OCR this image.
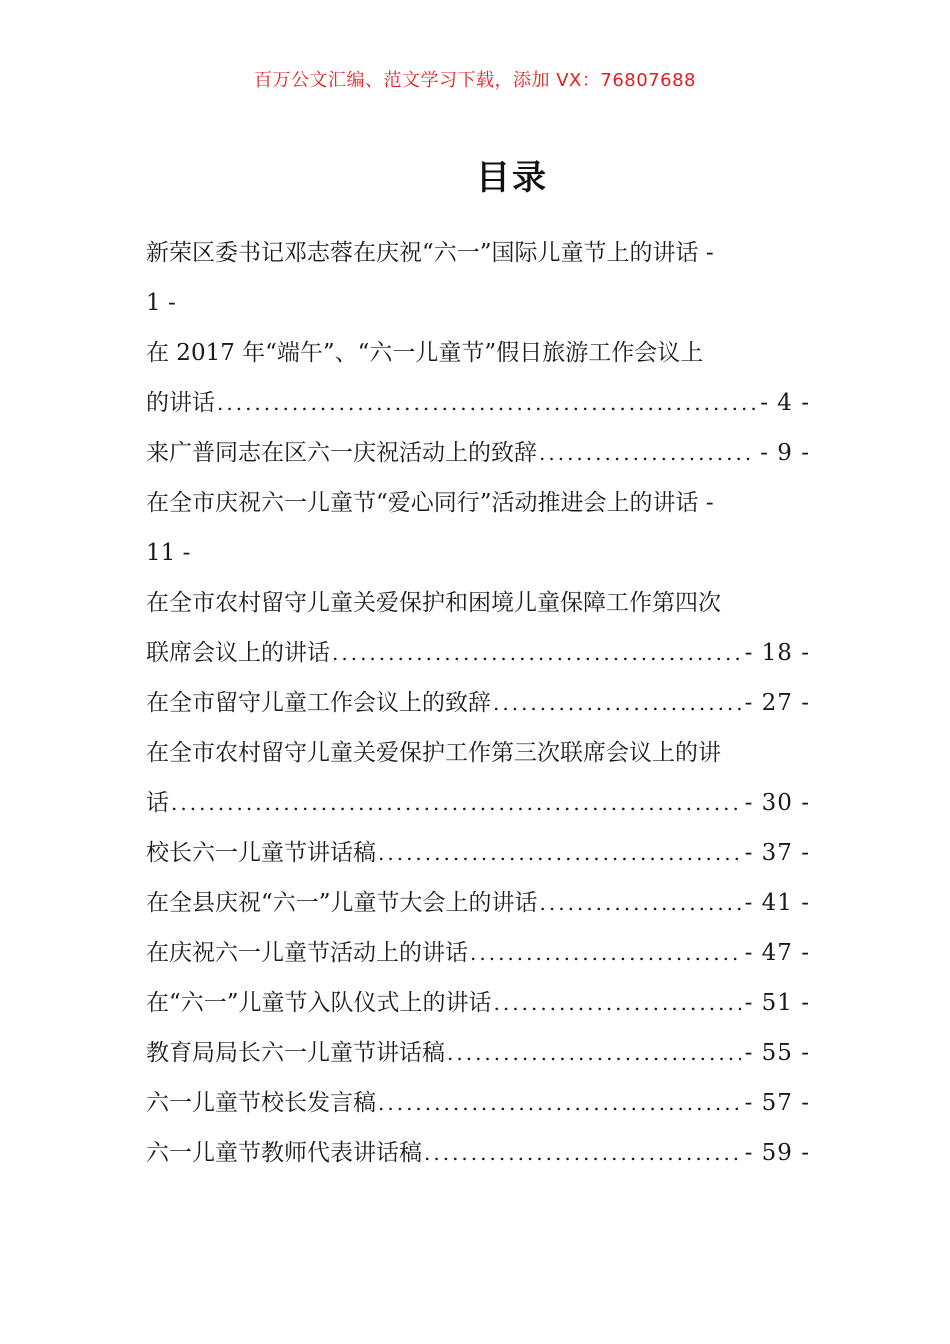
百万公文汇编、范文学习下载，添加 VX：76807688
目录
新荣区委书记邓志蓉在庆祝“六一”国际儿童节上的讲话 -
1 -
在 2017 年“端午”、“六一儿童节”假日旅游工作会议上
的讲话 .....	- 4 -
来广普同志在区六一庆祝活动上的致辞 .....	- 9 -
在全市庆祝六一儿童节“爱心同行”活动推进会上的讲话 -
11 -
在全市农村留守儿童关爱保护和困境儿童保障工作第四次
联席会议上的讲话 .....	- 18 -
在全市留守儿童工作会议上的致辞 .....	- 27 -
在全市农村留守儿童关爱保护工作第三次联席会议上的讲
话 .....	- 30 -
校长六一儿童节讲话稿 .....	- 37 -
在全县庆祝“六一”儿童节大会上的讲话 .....	- 41 -
在庆祝六一儿童节活动上的讲话 .....	- 47 -
在“六一”儿童节入队仪式上的讲话 .....	- 51 -
教育局局长六一儿童节讲话稿 .....	- 55 -
六一儿童节校长发言稿 .....	- 57 -
六一儿童节教师代表讲话稿 .....	- 59 -
